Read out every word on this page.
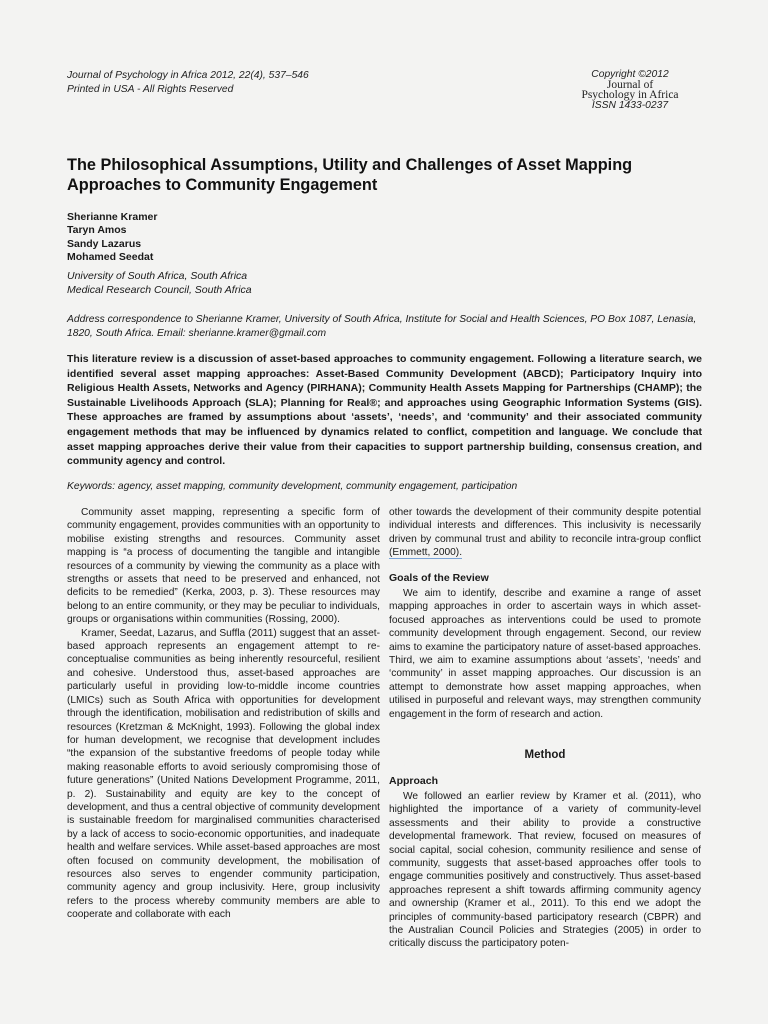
Journal of Psychology in Africa 2012, 22(4), 537–546
Printed in USA - All Rights Reserved
Copyright ©2012
Journal of
Psychology in Africa
ISSN 1433-0237
The Philosophical Assumptions, Utility and Challenges of Asset Mapping Approaches to Community Engagement
Sherianne Kramer
Taryn Amos
Sandy Lazarus
Mohamed Seedat
University of South Africa, South Africa
Medical Research Council, South Africa
Address correspondence to Sherianne Kramer, University of South Africa, Institute for Social and Health Sciences, PO Box 1087, Lenasia, 1820, South Africa. Email: sherianne.kramer@gmail.com
This literature review is a discussion of asset-based approaches to community engagement. Following a literature search, we identified several asset mapping approaches: Asset-Based Community Development (ABCD); Participatory Inquiry into Religious Health Assets, Networks and Agency (PIRHANA); Community Health Assets Mapping for Partnerships (CHAMP); the Sustainable Livelihoods Approach (SLA); Planning for Real®; and approaches using Geographic Information Systems (GIS). These approaches are framed by assumptions about ‘assets’, ‘needs’, and ‘community’ and their associated community engagement methods that may be influenced by dynamics related to conflict, competition and language. We conclude that asset mapping approaches derive their value from their capacities to support partnership building, consensus creation, and community agency and control.
Keywords: agency, asset mapping, community development, community engagement, participation

Community asset mapping, representing a specific form of community engagement, provides communities with an opportunity to mobilise existing strengths and resources. Community asset mapping is “a process of documenting the tangible and intangible resources of a community by viewing the community as a place with strengths or assets that need to be preserved and enhanced, not deficits to be remedied” (Kerka, 2003, p. 3). These resources may belong to an entire community, or they may be peculiar to individuals, groups or organisations within communities (Rossing, 2000).

Kramer, Seedat, Lazarus, and Suffla (2011) suggest that an asset-based approach represents an engagement attempt to re-conceptualise communities as being inherently resourceful, resilient and cohesive. Understood thus, asset-based approaches are particularly useful in providing low-to-middle income countries (LMICs) such as South Africa with opportunities for development through the identification, mobilisation and redistribution of skills and resources (Kretzman & McKnight, 1993). Following the global index for human development, we recognise that development includes “the expansion of the substantive freedoms of people today while making reasonable efforts to avoid seriously compromising those of future generations” (United Nations Development Programme, 2011, p. 2). Sustainability and equity are key to the concept of development, and thus a central objective of community development is sustainable freedom for marginalised communities characterised by a lack of access to socio-economic opportunities, and inadequate health and welfare services. While asset-based approaches are most often focused on community development, the mobilisation of resources also serves to engender community participation, community agency and group inclusivity. Here, group inclusivity refers to the process whereby community members are able to cooperate and collaborate with each

other towards the development of their community despite potential individual interests and differences. This inclusivity is necessarily driven by communal trust and ability to reconcile intra-group conflict (Emmett, 2000).

Goals of the Review

We aim to identify, describe and examine a range of asset mapping approaches in order to ascertain ways in which asset-focused approaches as interventions could be used to promote community development through engagement. Second, our review aims to examine the participatory nature of asset-based approaches. Third, we aim to examine assumptions about ‘assets’, ‘needs’ and ‘community’ in asset mapping approaches. Our discussion is an attempt to demonstrate how asset mapping approaches, when utilised in purposeful and relevant ways, may strengthen community engagement in the form of research and action.

Method
Approach

We followed an earlier review by Kramer et al. (2011), who highlighted the importance of a variety of community-level assessments and their ability to provide a constructive developmental framework. That review, focused on measures of social capital, social cohesion, community resilience and sense of community, suggests that asset-based approaches offer tools to engage communities positively and constructively. Thus asset-based approaches represent a shift towards affirming community agency and ownership (Kramer et al., 2011). To this end we adopt the principles of community-based participatory research (CBPR) and the Australian Council Policies and Strategies (2005) in order to critically discuss the participatory poten-
